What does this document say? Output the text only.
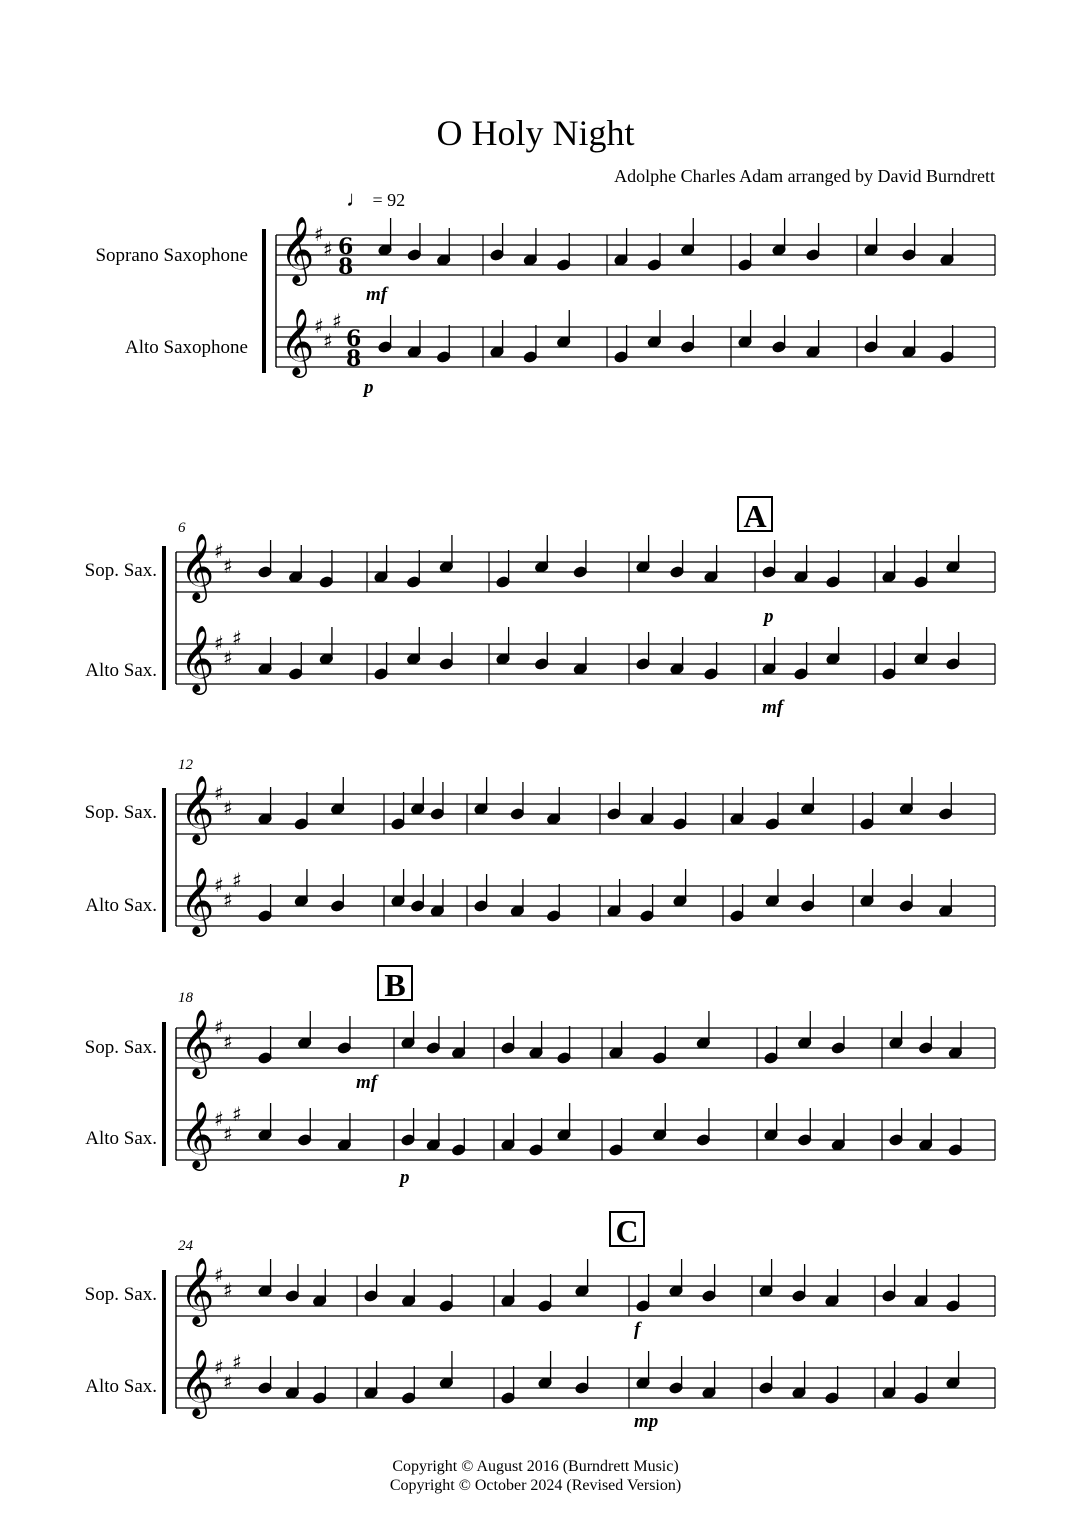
O Holy Night
Adolphe Charles Adam arranged by David Burndrett
♩ = 92
Soprano Saxophone
Alto Saxophone
Sop. Sax.
Alto Sax.
Sop. Sax.
Alto Sax.
Sop. Sax.
Alto Sax.
Sop. Sax.
Alto Sax.
6
12
18
24
A
B
C
mf
p
p
mf
mf
p
f
mp
Copyright © August 2016 (Burndrett Music)
Copyright © October 2024 (Revised Version)
𝄞
𝄞
♯
♯
♯
♯
♯
6
8
6
8
𝄞
𝄞
♯
♯
♯
♯
♯
𝄞
𝄞
♯
♯
♯
♯
♯
𝄞
𝄞
♯
♯
♯
♯
♯
𝄞
𝄞
♯
♯
♯
♯
♯
